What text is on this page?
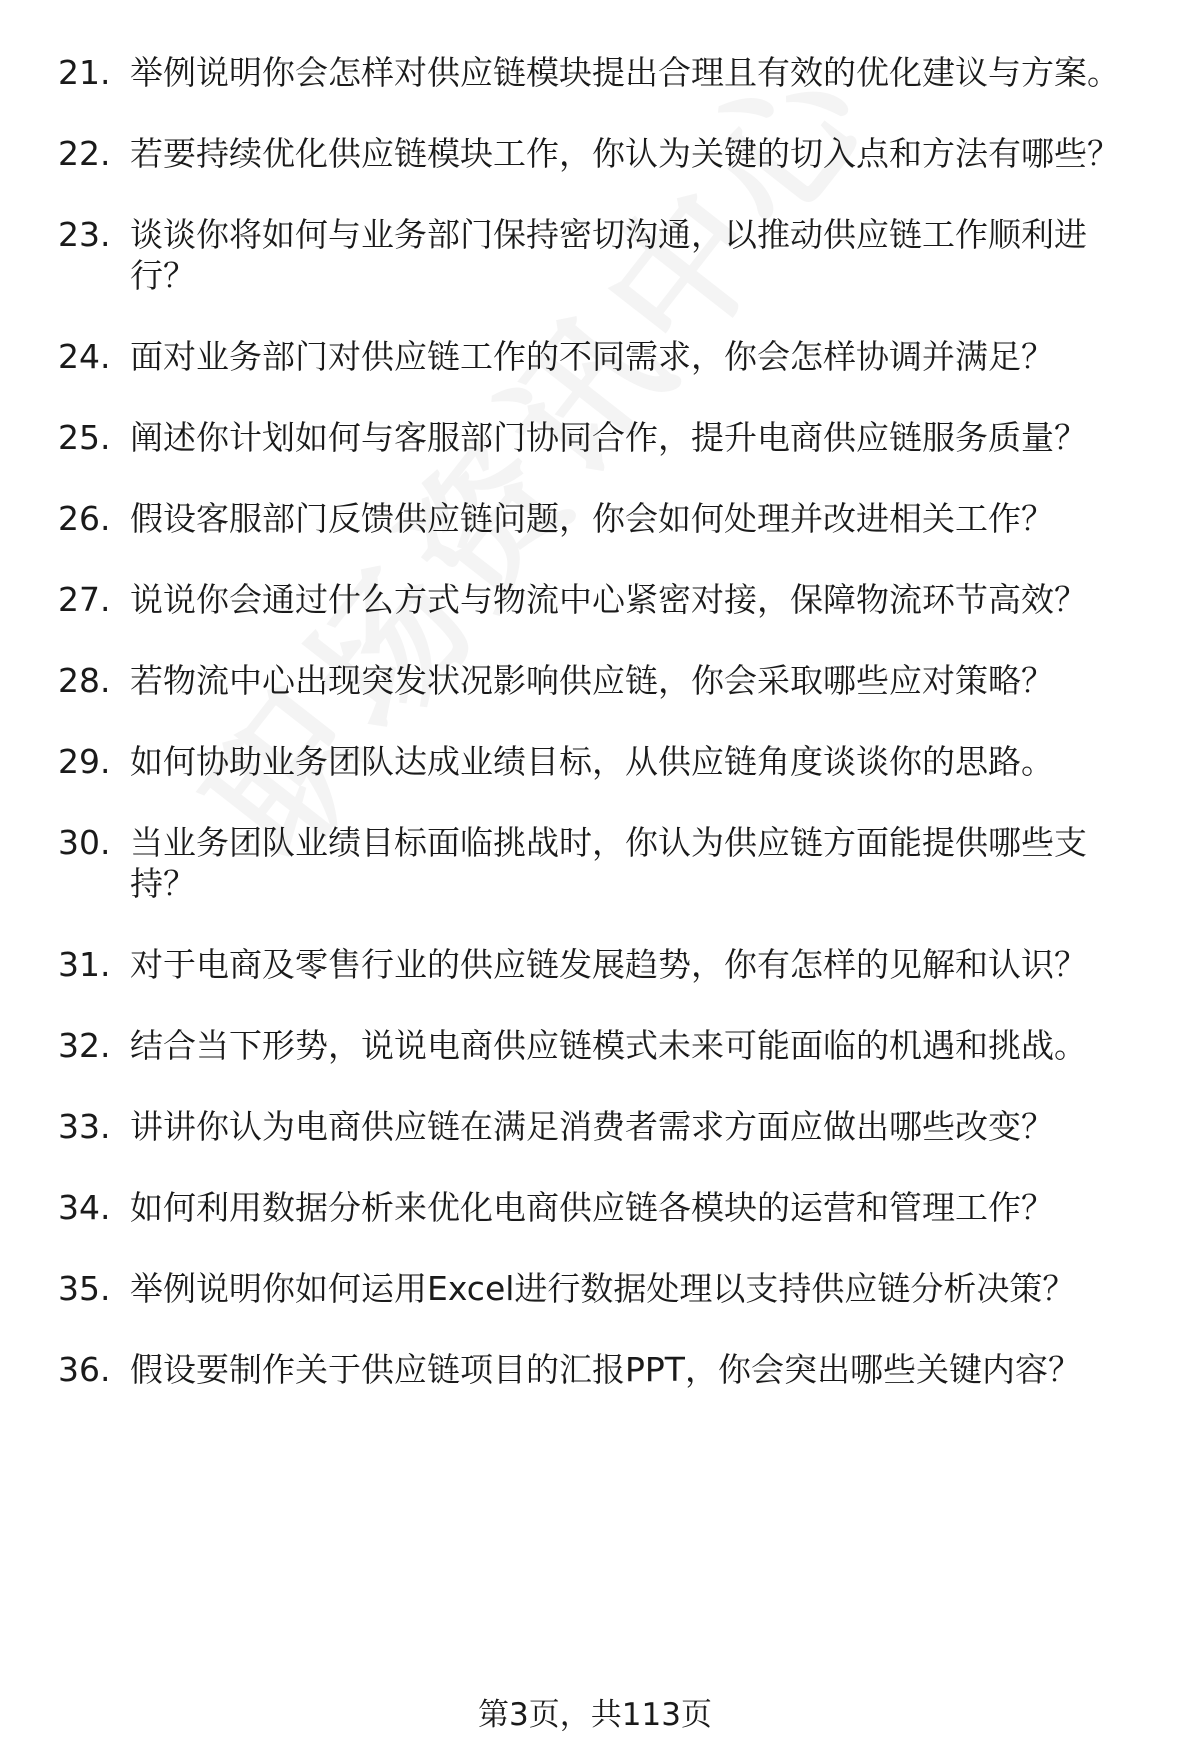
21. 举例说明你会怎样对供应链模块提出合理且有效的优化建议与方案。
22. 若要持续优化供应链模块工作，你认为关键的切入点和方法有哪些？
23. 谈谈你将如何与业务部门保持密切沟通，以推动供应链工作顺利进行？
24. 面对业务部门对供应链工作的不同需求，你会怎样协调并满足？
25. 阐述你计划如何与客服部门协同合作，提升电商供应链服务质量？
26. 假设客服部门反馈供应链问题，你会如何处理并改进相关工作？
27. 说说你会通过什么方式与物流中心紧密对接，保障物流环节高效？
28. 若物流中心出现突发状况影响供应链，你会采取哪些应对策略？
29. 如何协助业务团队达成业绩目标，从供应链角度谈谈你的思路。
30. 当业务团队业绩目标面临挑战时，你认为供应链方面能提供哪些支持？
31. 对于电商及零售行业的供应链发展趋势，你有怎样的见解和认识？
32. 结合当下形势，说说电商供应链模式未来可能面临的机遇和挑战。
33. 讲讲你认为电商供应链在满足消费者需求方面应做出哪些改变？
34. 如何利用数据分析来优化电商供应链各模块的运营和管理工作？
35. 举例说明你如何运用Excel进行数据处理以支持供应链分析决策？
36. 假设要制作关于供应链项目的汇报PPT，你会突出哪些关键内容？
第3页，共113页
